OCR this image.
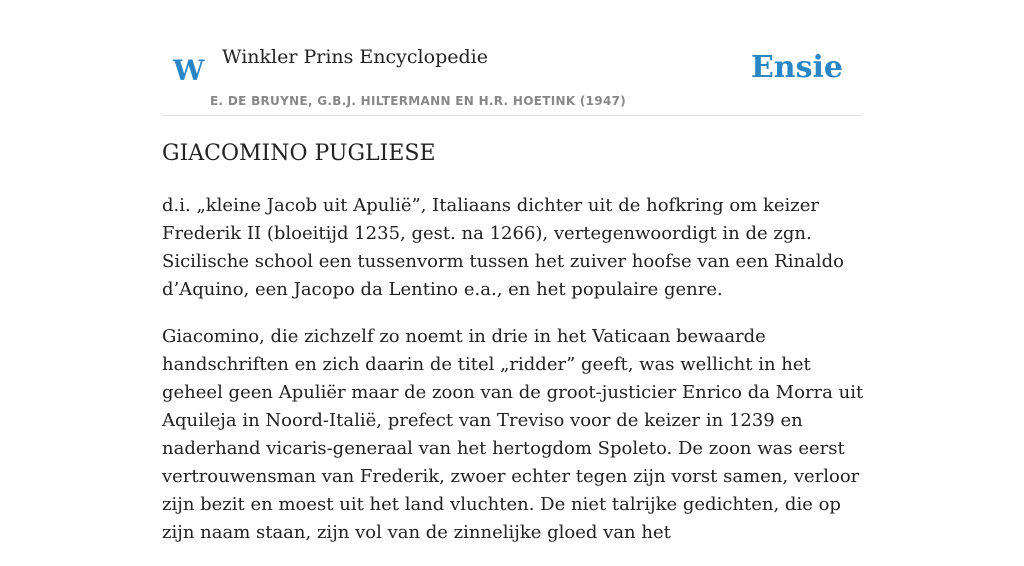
W Winkler Prins Encyclopedie
E. DE BRUYNE, G.B.J. HILTERMANN EN H.R. HOETINK (1947)
Ensie
GIACOMINO PUGLIESE

d.i. „kleine Jacob uit Apulië”, Italiaans dichter uit de hofkring om keizer Frederik II (bloeitijd 1235, gest. na 1266), vertegenwoordigt in de zgn. Sicilische school een tussenvorm tussen het zuiver hoofse van een Rinaldo d’Aquino, een Jacopo da Lentino e.a., en het populaire genre.

Giacomino, die zichzelf zo noemt in drie in het Vaticaan bewaarde handschriften en zich daarin de titel „ridder” geeft, was wellicht in het geheel geen Apuliër maar de zoon van de groot-justicier Enrico da Morra uit Aquileja in Noord-Italië, prefect van Treviso voor de keizer in 1239 en naderhand vicaris-generaal van het hertogdom Spoleto. De zoon was eerst vertrouwensman van Frederik, zwoer echter tegen zijn vorst samen, verloor zijn bezit en moest uit het land vluchten. De niet talrijke gedichten, die op zijn naam staan, zijn vol van de zinnelijke gloed van het
